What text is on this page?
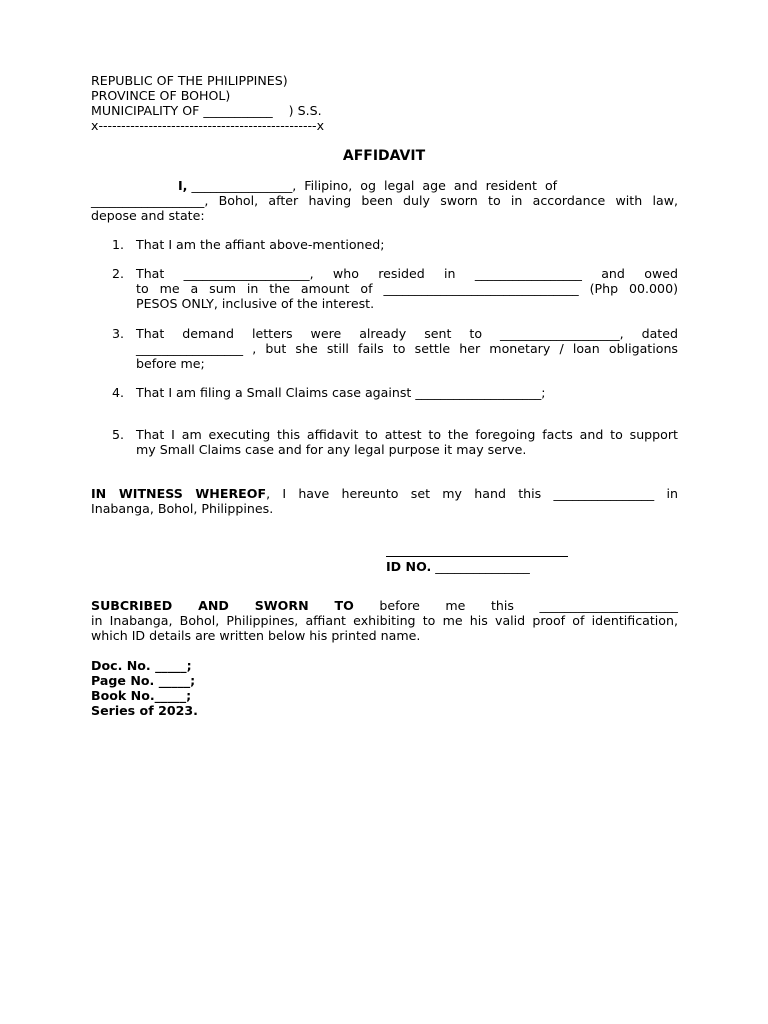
REPUBLIC OF THE PHILIPPINES)
PROVINCE OF BOHOL)
MUNICIPALITY OF ___________    ) S.S.
x------------------------------------------------x
AFFIDAVIT
I, ________________,  Filipino,  og  legal  age  and  resident  of
__________________, Bohol, after having been duly sworn to in accordance with law,
depose and state:
1. That I am the affiant above-mentioned;
2. That ____________________, who resided in _________________ and owed
to me a sum in the amount of _______________________________ (Php 00.000)
PESOS ONLY, inclusive of the interest.
3. That demand letters were already sent to ___________________, dated
_________________ , but she still fails to settle her monetary / loan obligations
before me;
4. That I am filing a Small Claims case against ____________________;
5. That I am executing this affidavit to attest to the foregoing facts and to support
my Small Claims case and for any legal purpose it may serve.
IN WITNESS WHEREOF, I have hereunto set my hand this ________________ in
Inabanga, Bohol, Philippines.
ID NO. _______________
SUBCRIBED AND SWORN TO before me this ______________________
in Inabanga, Bohol, Philippines, affiant exhibiting to me his valid proof of identification,
which ID details are written below his printed name.
Doc. No. _____;
Page No. _____;
Book No._____;
Series of 2023.
